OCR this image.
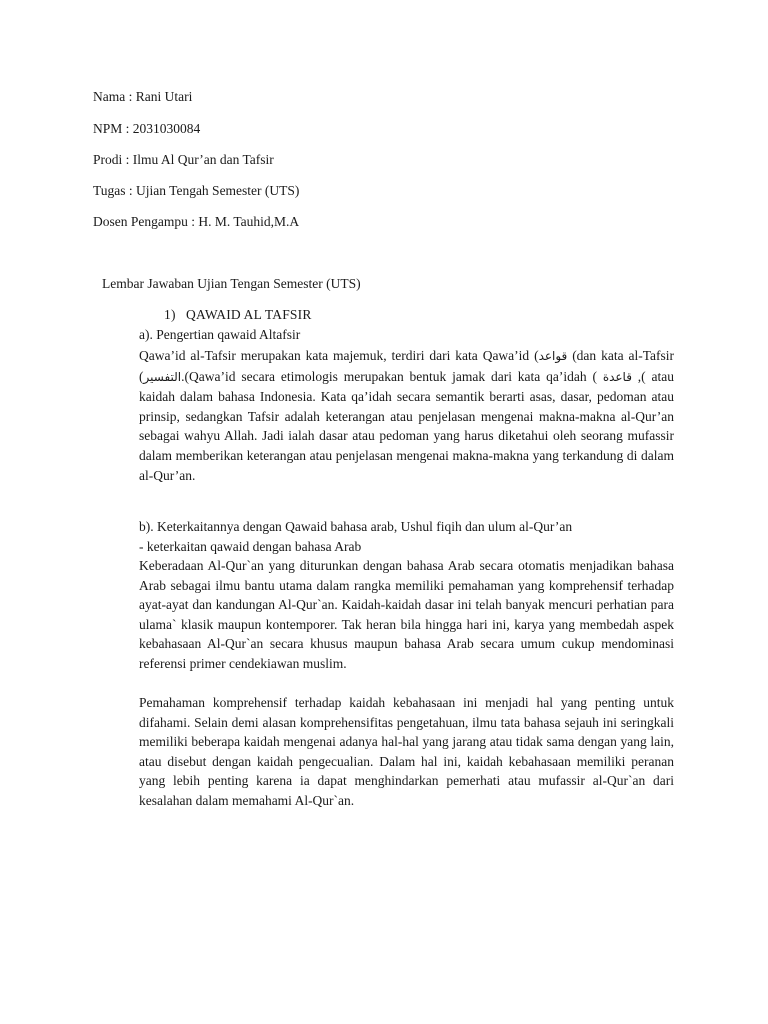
Nama : Rani Utari
NPM : 2031030084
Prodi : Ilmu Al Qur’an dan Tafsir
Tugas : Ujian Tengah Semester (UTS)
Dosen Pengampu : H. M. Tauhid,M.A
Lembar Jawaban Ujian Tengan Semester (UTS)
1) QAWAID AL TAFSIR
a). Pengertian qawaid Altafsir

Qawa’id al-Tafsir merupakan kata majemuk, terdiri dari kata Qawa’id (قواعد (dan kata al-Tafsir (التفسير.(Qawa’id secara etimologis merupakan bentuk jamak dari kata qa’idah ( قاعدة ,( atau kaidah dalam bahasa Indonesia. Kata qa’idah secara semantik berarti asas, dasar, pedoman atau prinsip, sedangkan Tafsir adalah keterangan atau penjelasan mengenai makna-makna al-Qur’an sebagai wahyu Allah. Jadi ialah dasar atau pedoman yang harus diketahui oleh seorang mufassir dalam memberikan keterangan atau penjelasan mengenai makna-makna yang terkandung di dalam al-Qur’an.

b). Keterkaitannya dengan Qawaid bahasa arab, Ushul fiqih dan ulum al-Qur’an
- keterkaitan qawaid dengan bahasa Arab

Keberadaan Al-Qur`an yang diturunkan dengan bahasa Arab secara otomatis menjadikan bahasa Arab sebagai ilmu bantu utama dalam rangka memiliki pemahaman yang komprehensif terhadap ayat-ayat dan kandungan Al-Qur`an. Kaidah-kaidah dasar ini telah banyak mencuri perhatian para ulama` klasik maupun kontemporer. Tak heran bila hingga hari ini, karya yang membedah aspek kebahasaan Al-Qur`an secara khusus maupun bahasa Arab secara umum cukup mendominasi referensi primer cendekiawan muslim.

Pemahaman komprehensif terhadap kaidah kebahasaan ini menjadi hal yang penting untuk difahami. Selain demi alasan komprehensifitas pengetahuan, ilmu tata bahasa sejauh ini seringkali memiliki beberapa kaidah mengenai adanya hal-hal yang jarang atau tidak sama dengan yang lain, atau disebut dengan kaidah pengecualian. Dalam hal ini, kaidah kebahasaan memiliki peranan yang lebih penting karena ia dapat menghindarkan pemerhati atau mufassir al-Qur`an dari kesalahan dalam memahami Al-Qur`an.
